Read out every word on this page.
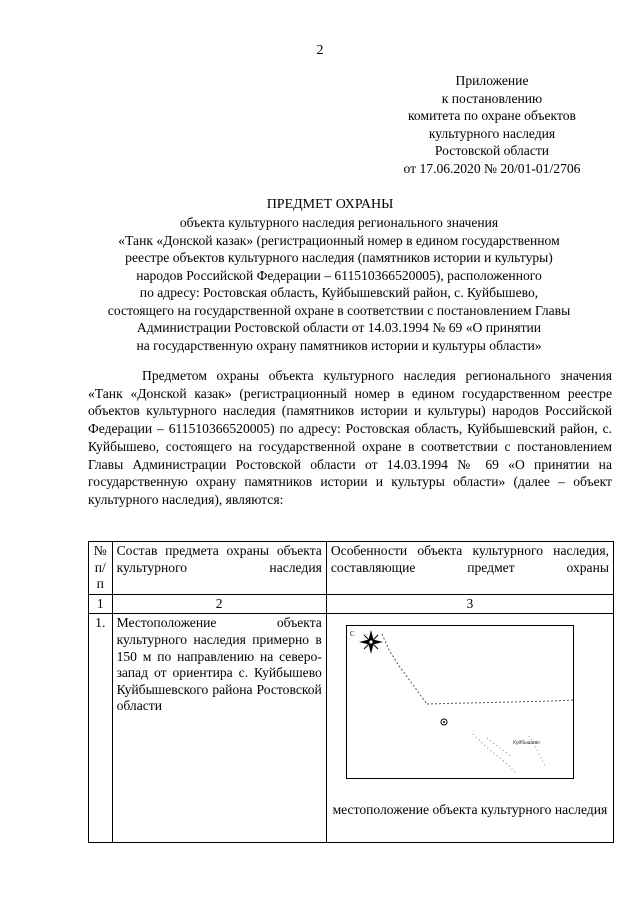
2
Приложение
к постановлению
комитета по охране объектов
культурного наследия
Ростовской области
от 17.06.2020 № 20/01-01/2706
ПРЕДМЕТ ОХРАНЫ
объекта культурного наследия регионального значения
«Танк «Донской казак» (регистрационный номер в едином государственном
реестре объектов культурного наследия (памятников истории и культуры)
народов Российской Федерации – 611510366520005), расположенного
по адресу: Ростовская область, Куйбышевский район, с. Куйбышево,
состоящего на государственной охране в соответствии с постановлением Главы
Администрации Ростовской области от 14.03.1994 № 69 «О принятии
на государственную охрану памятников истории и культуры области»
Предметом охраны объекта культурного наследия регионального значения «Танк «Донской казак» (регистрационный номер в едином государственном реестре объектов культурного наследия (памятников истории и культуры) народов Российской Федерации – 611510366520005) по адресу: Ростовская область, Куйбышевский район, с. Куйбышево, состоящего на государственной охране в соответствии с постановлением Главы Администрации Ростовской области от 14.03.1994 № 69 «О принятии на государственную охрану памятников истории и культуры области» (далее – объект культурного наследия), являются:
№ п/п	Состав предмета охраны объекта культурного наследия	Особенности объекта культурного наследия, составляющие предмет охраны
1	2	3
1.	Местоположение объекта культурного наследия примерно в 150 м по направлению на северо-запад от ориентира с. Куйбышево Куйбышевского района Ростовской области	С
Куйбышево
местоположение объекта культурного наследия
